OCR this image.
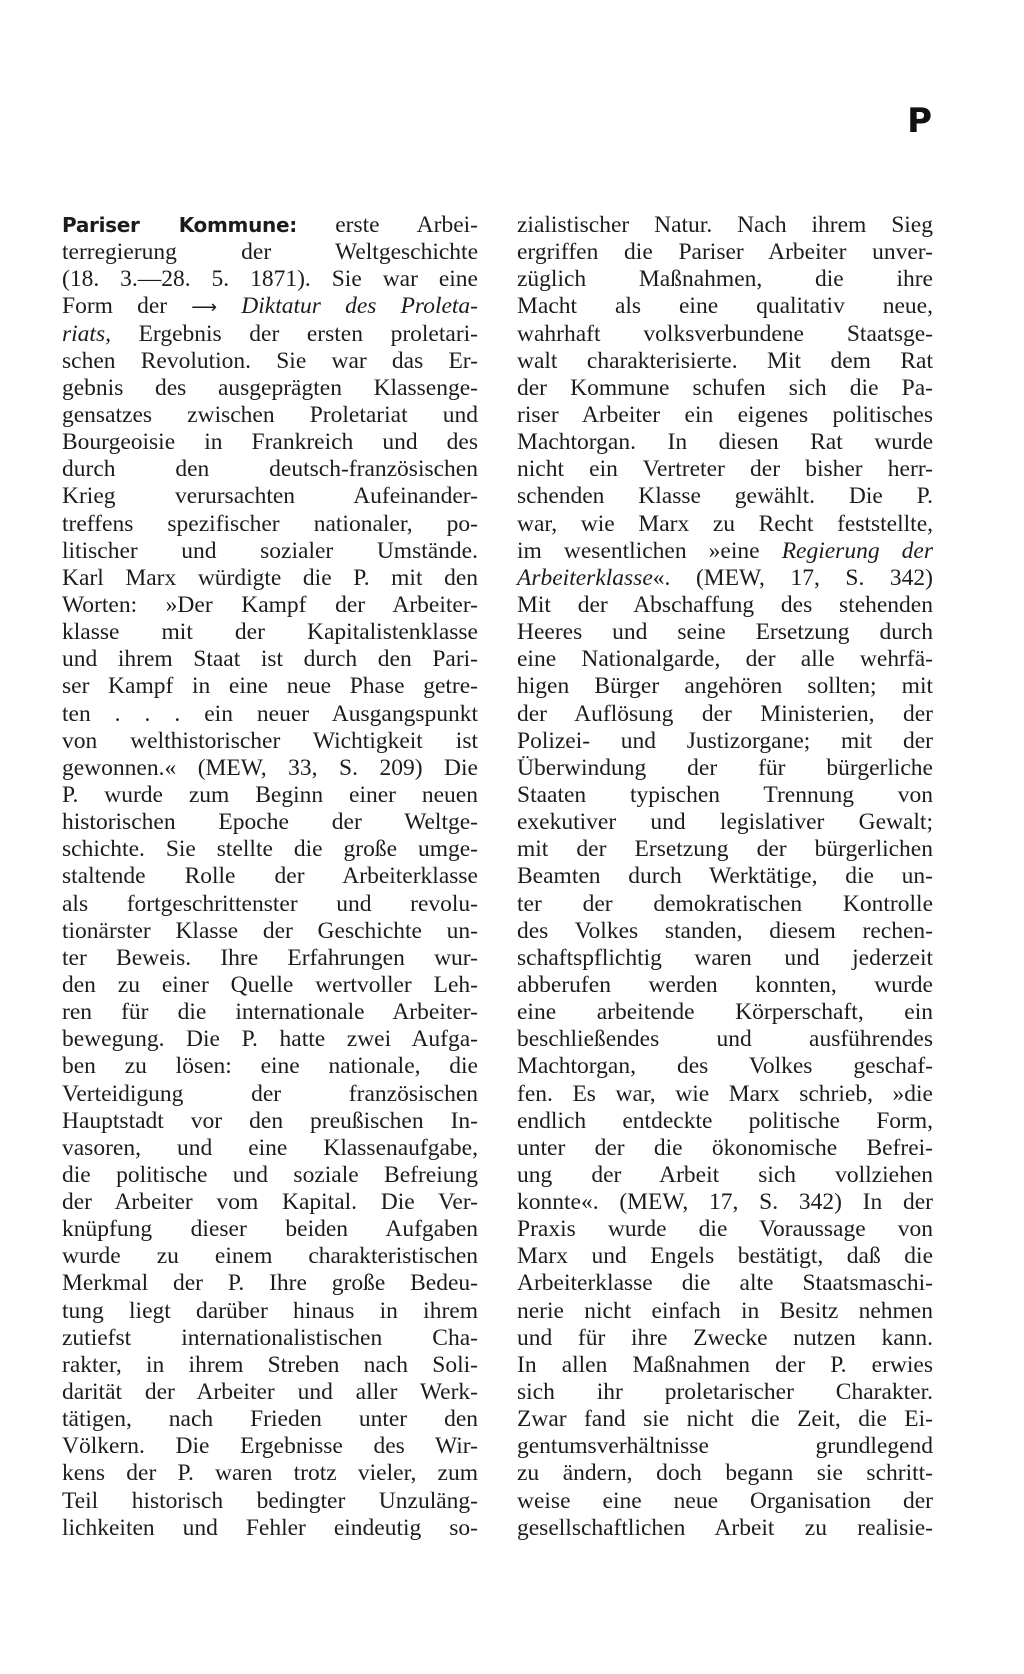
P
Pariser Kommune: erste Arbei-
terregierung der Weltgeschichte
(18. 3.—28. 5. 1871). Sie war eine
Form der ⟶ Diktatur des Proleta-
riats, Ergebnis der ersten proletari-
schen Revolution. Sie war das Er-
gebnis des ausgeprägten Klassenge-
gensatzes zwischen Proletariat und
Bourgeoisie in Frankreich und des
durch den deutsch-französischen
Krieg verursachten Aufeinander-
treffens spezifischer nationaler, po-
litischer und sozialer Umstände.
Karl Marx würdigte die P. mit den
Worten: »Der Kampf der Arbeiter-
klasse mit der Kapitalistenklasse
und ihrem Staat ist durch den Pari-
ser Kampf in eine neue Phase getre-
ten . . . ein neuer Ausgangspunkt
von welthistorischer Wichtigkeit ist
gewonnen.« (MEW, 33, S. 209) Die
P. wurde zum Beginn einer neuen
historischen Epoche der Weltge-
schichte. Sie stellte die große umge-
staltende Rolle der Arbeiterklasse
als fortgeschrittenster und revolu-
tionärster Klasse der Geschichte un-
ter Beweis. Ihre Erfahrungen wur-
den zu einer Quelle wertvoller Leh-
ren für die internationale Arbeiter-
bewegung. Die P. hatte zwei Aufga-
ben zu lösen: eine nationale, die
Verteidigung der französischen
Hauptstadt vor den preußischen In-
vasoren, und eine Klassenaufgabe,
die politische und soziale Befreiung
der Arbeiter vom Kapital. Die Ver-
knüpfung dieser beiden Aufgaben
wurde zu einem charakteristischen
Merkmal der P. Ihre große Bedeu-
tung liegt darüber hinaus in ihrem
zutiefst internationalistischen Cha-
rakter, in ihrem Streben nach Soli-
darität der Arbeiter und aller Werk-
tätigen, nach Frieden unter den
Völkern. Die Ergebnisse des Wir-
kens der P. waren trotz vieler, zum
Teil historisch bedingter Unzuläng-
lichkeiten und Fehler eindeutig so-
zialistischer Natur. Nach ihrem Sieg
ergriffen die Pariser Arbeiter unver-
züglich Maßnahmen, die ihre
Macht als eine qualitativ neue,
wahrhaft volksverbundene Staatsge-
walt charakterisierte. Mit dem Rat
der Kommune schufen sich die Pa-
riser Arbeiter ein eigenes politisches
Machtorgan. In diesen Rat wurde
nicht ein Vertreter der bisher herr-
schenden Klasse gewählt. Die P.
war, wie Marx zu Recht feststellte,
im wesentlichen »eine Regierung der
Arbeiterklasse«. (MEW, 17, S. 342)
Mit der Abschaffung des stehenden
Heeres und seine Ersetzung durch
eine Nationalgarde, der alle wehrfä-
higen Bürger angehören sollten; mit
der Auflösung der Ministerien, der
Polizei- und Justizorgane; mit der
Überwindung der für bürgerliche
Staaten typischen Trennung von
exekutiver und legislativer Gewalt;
mit der Ersetzung der bürgerlichen
Beamten durch Werktätige, die un-
ter der demokratischen Kontrolle
des Volkes standen, diesem rechen-
schaftspflichtig waren und jederzeit
abberufen werden konnten, wurde
eine arbeitende Körperschaft, ein
beschließendes und ausführendes
Machtorgan, des Volkes geschaf-
fen. Es war, wie Marx schrieb, »die
endlich entdeckte politische Form,
unter der die ökonomische Befrei-
ung der Arbeit sich vollziehen
konnte«. (MEW, 17, S. 342) In der
Praxis wurde die Voraussage von
Marx und Engels bestätigt, daß die
Arbeiterklasse die alte Staatsmaschi-
nerie nicht einfach in Besitz nehmen
und für ihre Zwecke nutzen kann.
In allen Maßnahmen der P. erwies
sich ihr proletarischer Charakter.
Zwar fand sie nicht die Zeit, die Ei-
gentumsverhältnisse grundlegend
zu ändern, doch begann sie schritt-
weise eine neue Organisation der
gesellschaftlichen Arbeit zu realisie-
